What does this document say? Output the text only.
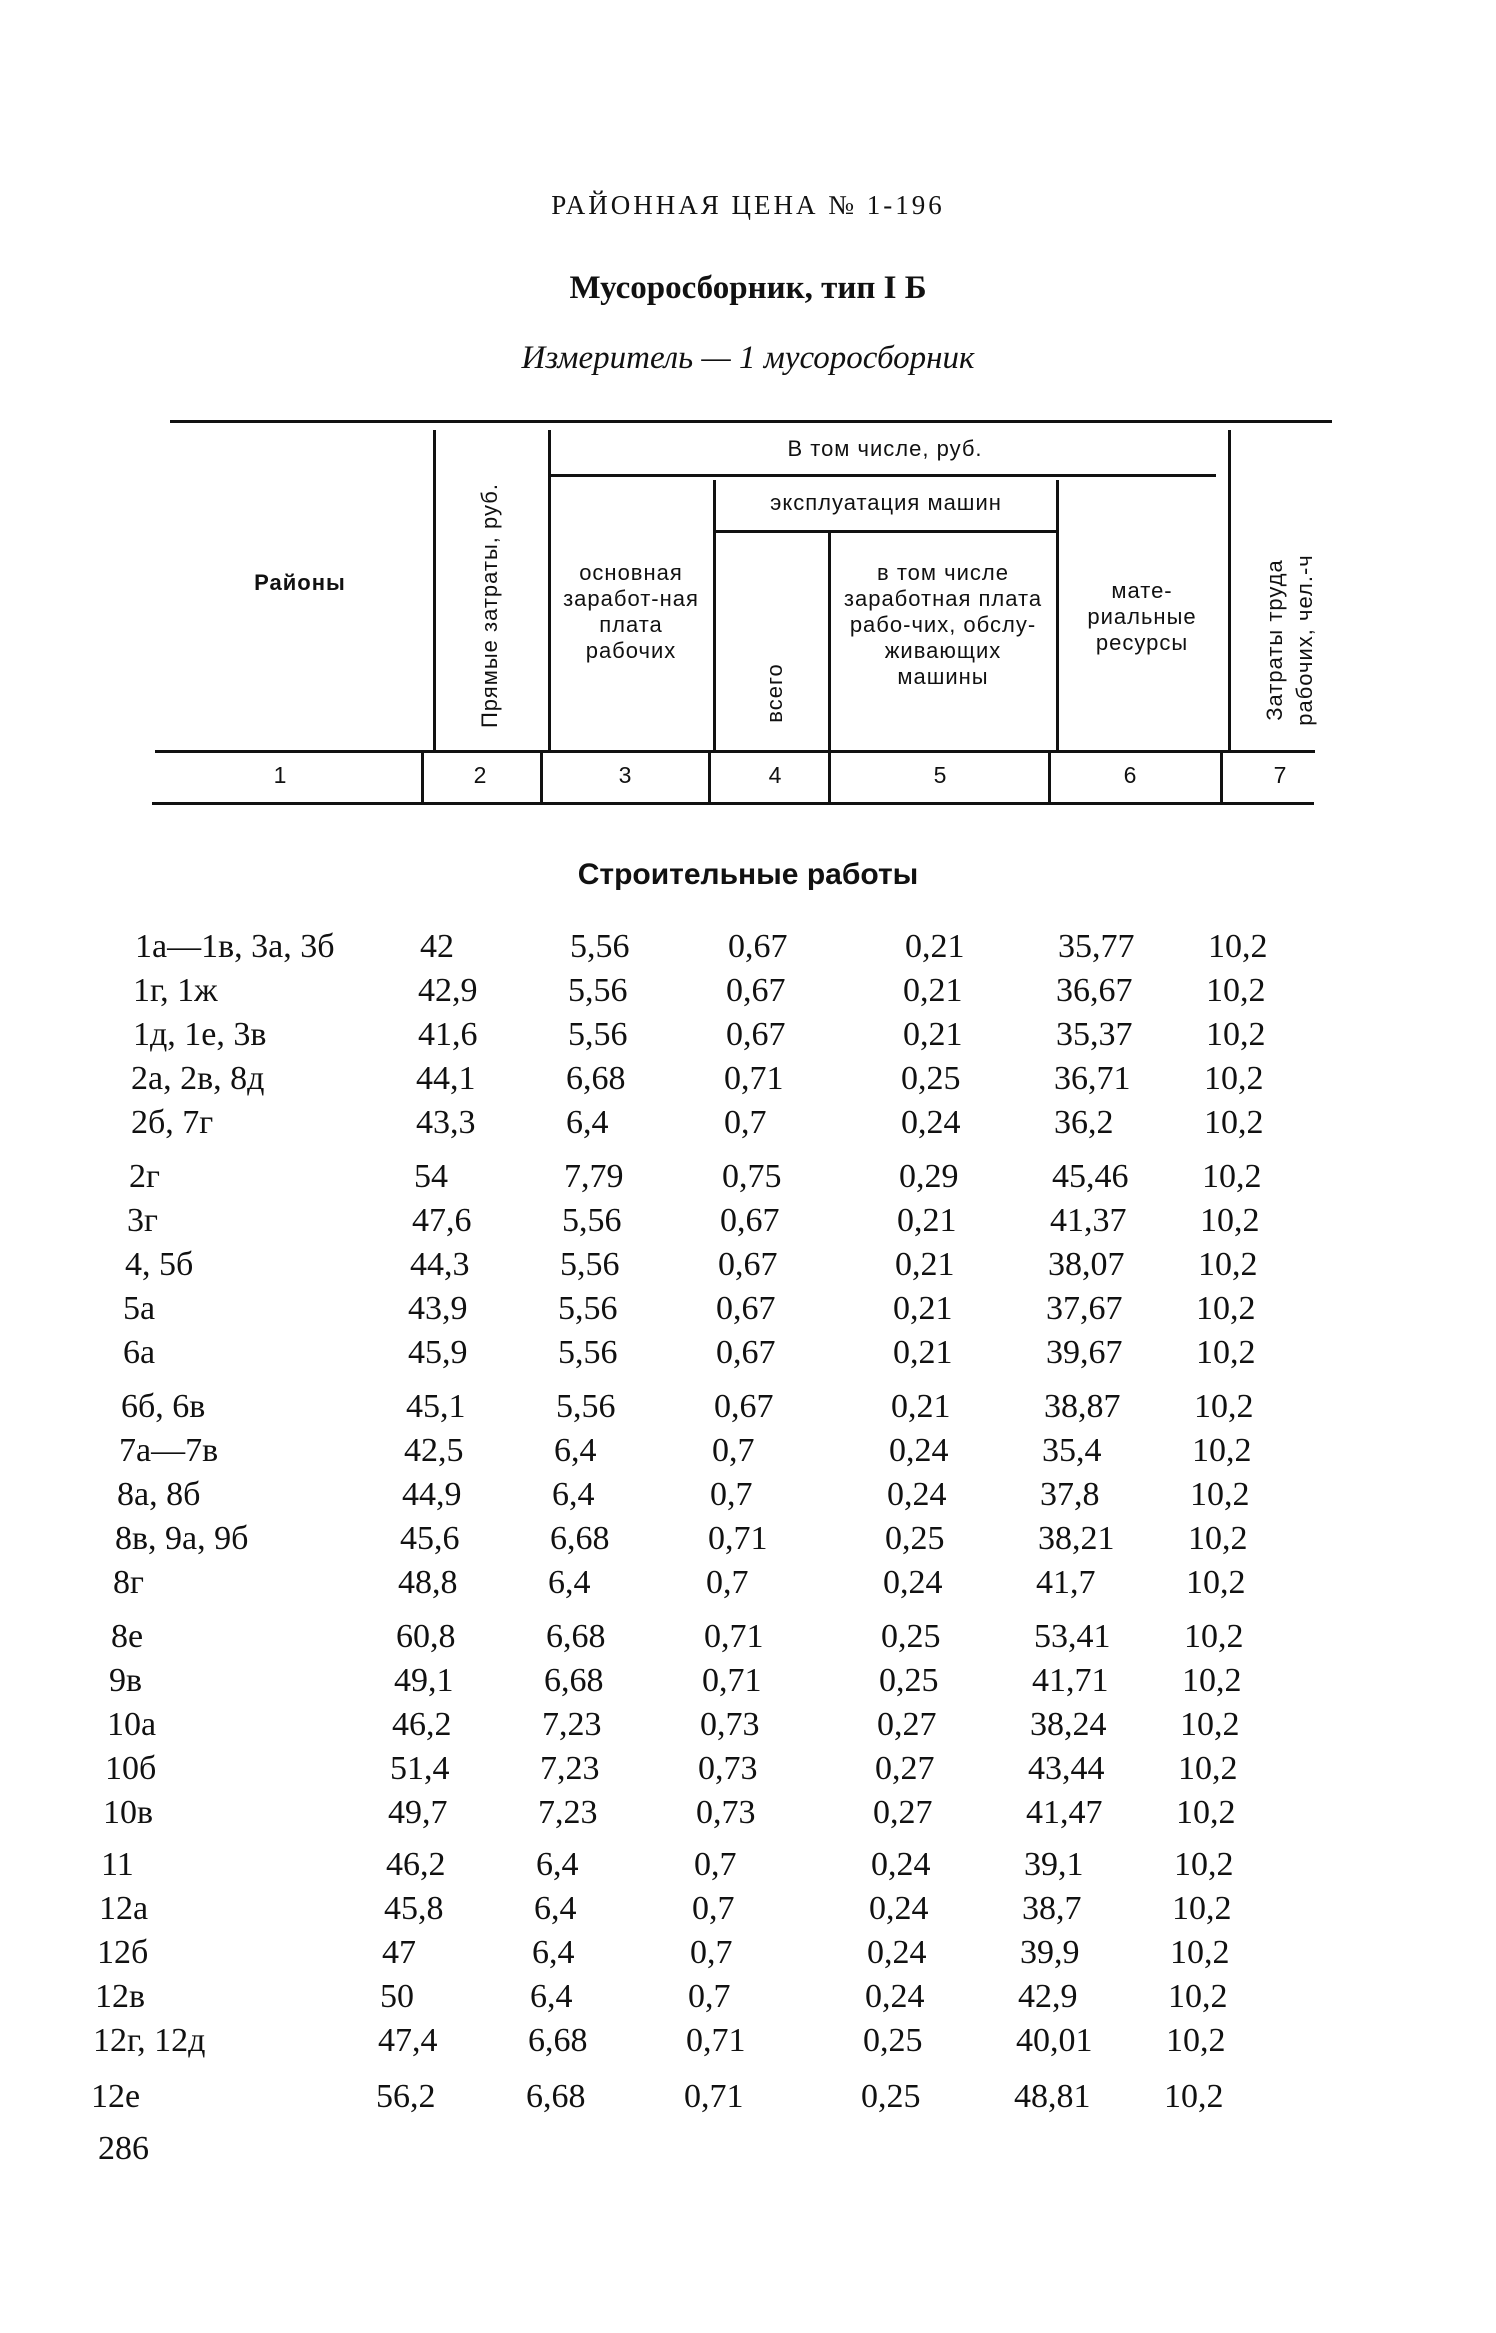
РАЙОННАЯ ЦЕНА № 1-196
Мусоросборник, тип I Б
Измеритель — 1 мусоросборник
Районы	Прямые затраты, руб.
В том числе, руб.
основная заработ-ная плата рабочих
эксплуатация машин
всего
в том числе заработная плата рабо-чих, обслу-живающих машины
мате-риальные ресурсы	Затраты труда рабочих, чел.-ч
1	2	3	4	5	6	7
Строительные работы
1а—1в, 3а, 3б	42	5,56	0,67	0,21	35,77 10,2
1г, 1ж	42,9	5,56	0,67	0,21	36,67 10,2
1д, 1е, 3в	41,6	5,56	0,67	0,21	35,37 10,2
2а, 2в, 8д	44,1	6,68	0,71	0,25	36,71 10,2
2б, 7г	43,3	6,4	0,7	0,24	36,2	10,2
2г	54	7,79	0,75	0,29	45,46 10,2
3г	47,6	5,56	0,67	0,21	41,37 10,2
4, 5б	44,3	5,56	0,67	0,21	38,07 10,2
5а	43,9	5,56	0,67	0,21	37,67 10,2
6а	45,9	5,56	0,67	0,21	39,67 10,2
6б, 6в	45,1	5,56	0,67	0,21	38,87 10,2
7а—7в	42,5	6,4	0,7	0,24	35,4	10,2
8а, 8б	44,9	6,4	0,7	0,24	37,8	10,2
8в, 9а, 9б	45,6	6,68	0,71	0,25	38,21 10,2
8г	48,8	6,4	0,7	0,24	41,7	10,2
8е	60,8	6,68	0,71	0,25	53,41 10,2
9в	49,1	6,68	0,71	0,25	41,71 10,2
10а	46,2	7,23	0,73	0,27	38,24 10,2
10б	51,4	7,23	0,73	0,27	43,44 10,2
10в	49,7	7,23	0,73	0,27	41,47 10,2
11	46,2	6,4	0,7	0,24	39,1	10,2
12а	45,8	6,4	0,7	0,24	38,7	10,2
12б	47	6,4	0,7	0,24	39,9	10,2
12в	50	6,4	0,7	0,24	42,9	10,2
12г, 12д	47,4	6,68	0,71	0,25	40,01 10,2
12е	56,2	6,68	0,71	0,25	48,81 10,2
286
